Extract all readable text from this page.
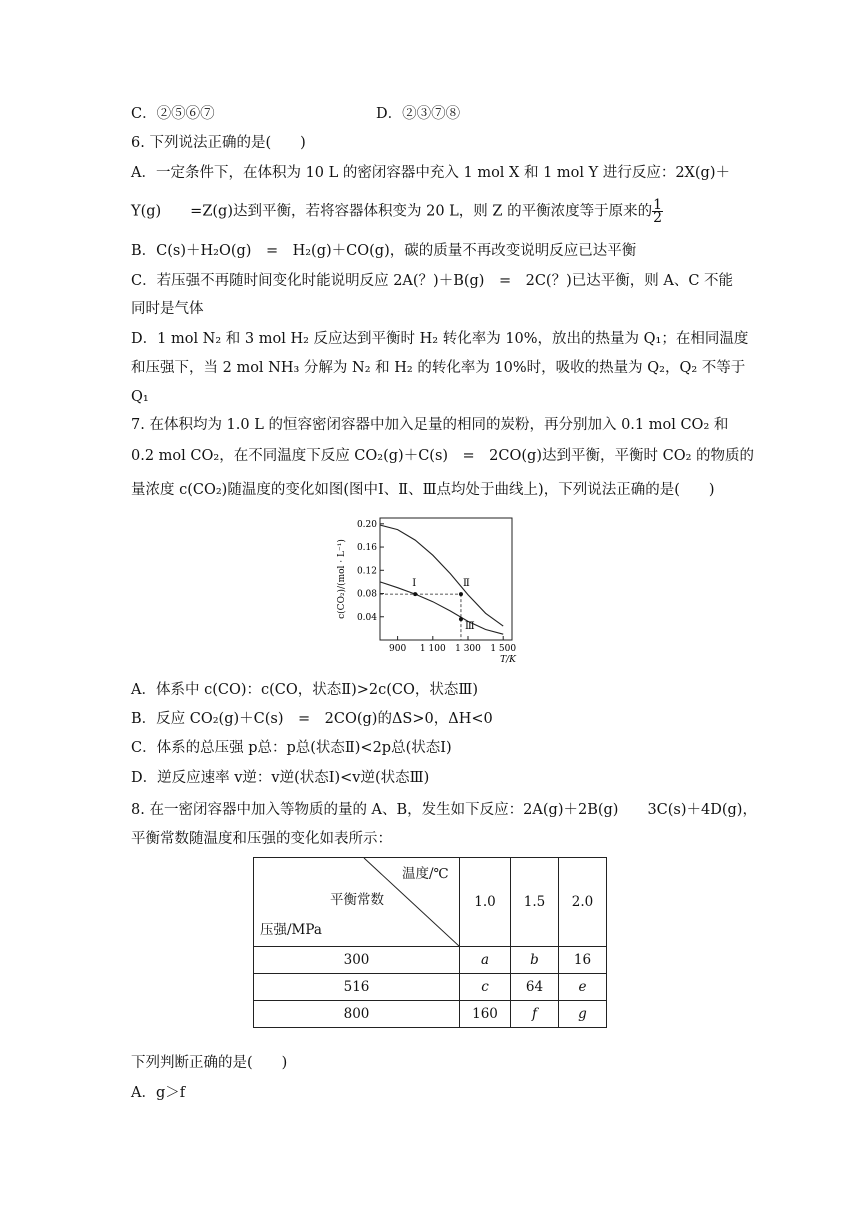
C．②⑤⑥⑦	D．②③⑦⑧
6. 下列说法正确的是(　　)
A．一定条件下，在体积为 10 L 的密闭容器中充入 1 mol X 和 1 mol Y 进行反应：2X(g)＋
Y(g)　　=Z(g)达到平衡，若将容器体积变为 20 L，则 Z 的平衡浓度等于原来的 $\frac{1}{2}$
B．C(s)＋H₂O(g)　=　H₂(g)＋CO(g)，碳的质量不再改变说明反应已达平衡
C．若压强不再随时间变化时能说明反应 2A(？)＋B(g)　=　2C(？)已达平衡，则 A、C 不能
同时是气体
D．1 mol N₂ 和 3 mol H₂ 反应达到平衡时 H₂ 转化率为 10%，放出的热量为 Q₁；在相同温度
和压强下，当 2 mol NH₃ 分解为 N₂ 和 H₂ 的转化率为 10%时，吸收的热量为 Q₂，Q₂ 不等于
Q₁
7. 在体积均为 1.0 L 的恒容密闭容器中加入足量的相同的炭粉，再分别加入 0.1 mol CO₂ 和
0.2 mol CO₂，在不同温度下反应 CO₂(g)＋C(s)　=　2CO(g)达到平衡，平衡时 CO₂ 的物质的
量浓度 c(CO₂)随温度的变化如图(图中Ⅰ、Ⅱ、Ⅲ点均处于曲线上)，下列说法正确的是(　　)
0.20
0.16
0.12
0.08
0.04
900 1 100 1 300 1 500
T/K
c(CO₂)/(mol · L⁻¹)	Ⅰ	Ⅱ
Ⅲ
A．体系中 c(CO)：c(CO，状态Ⅱ)>2c(CO，状态Ⅲ)
B．反应 CO₂(g)＋C(s)　=　2CO(g)的ΔS>0，ΔH<0
C．体系的总压强 p总：p总(状态Ⅱ)<2p总(状态Ⅰ)
D．逆反应速率 v逆：v逆(状态Ⅰ)<v逆(状态Ⅲ)
8. 在一密闭容器中加入等物质的量的 A、B，发生如下反应：2A(g)＋2B(g)　　3C(s)＋4D(g)，
平衡常数随温度和压强的变化如表所示：
温度/℃
平衡常数
压强/MPa	1.0	1.5	2.0
300	a	b	16
516	c	64	e
800	160	f	g
下列判断正确的是(　　)
A．g＞f
